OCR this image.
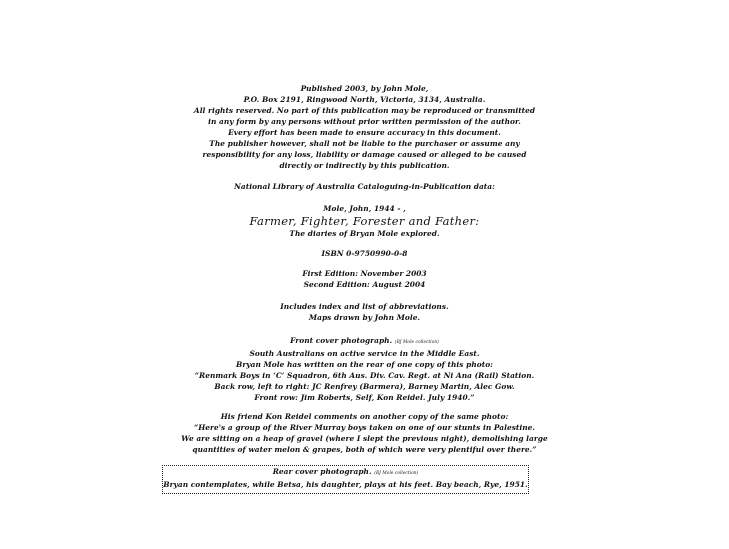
Published 2003, by John Mole,
P.O. Box 2191, Ringwood North, Victoria, 3134, Australia.
All rights reserved. No part of this publication may be reproduced or transmitted
in any form by any persons without prior written permission of the author.
Every effort has been made to ensure accuracy in this document.
The publisher however, shall not be liable to the purchaser or assume any
responsibility for any loss, liability or damage caused or alleged to be caused
directly or indirectly by this publication.
National Library of Australia Cataloguing-in-Publication data:
Mole, John, 1944 - ,
Farmer, Fighter, Forester and Father:
The diaries of Bryan Mole explored.
ISBN 0-9750990-0-8
First Edition: November 2003
Second Edition: August 2004
Includes index and list of abbreviations.
Maps drawn by John Mole.
Front cover photograph. (BJ Mole collection)
South Australians on active service in the Middle East.
Bryan Mole has written on the rear of one copy of this photo:
“Renmark Boys in ‘C’ Squadron, 6th Aus. Div. Cav. Regt. at Ni Ana (Rail) Station.
Back row, left to right: JC Renfrey (Barmera), Barney Martin, Alec Gow.
Front row: Jim Roberts, Self, Kon Reidel. July 1940.”
His friend Kon Reidel comments on another copy of the same photo:
“Here's a group of the River Murray boys taken on one of our stunts in Palestine.
We are sitting on a heap of gravel (where I slept the previous night), demolishing large
quantities of water melon & grapes, both of which were very plentiful over there.”
Rear cover photograph. (BJ Mole collection)
Bryan contemplates, while Betsa, his daughter, plays at his feet. Bay beach, Rye, 1951.
